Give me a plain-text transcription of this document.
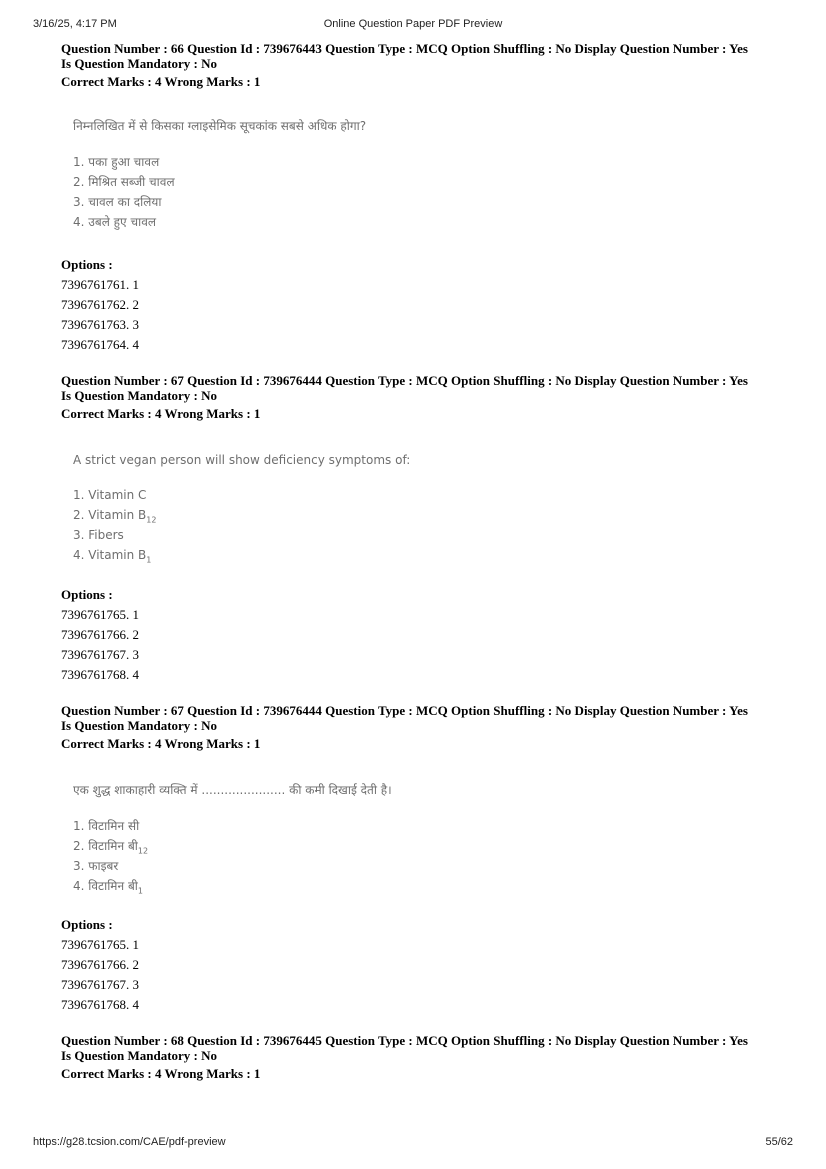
3/16/25, 4:17 PM	Online Question Paper PDF Preview
Question Number : 66 Question Id : 739676443 Question Type : MCQ Option Shuffling : No Display Question Number : Yes
Is Question Mandatory : No
Correct Marks : 4 Wrong Marks : 1
निम्नलिखित में से किसका ग्लाइसेमिक सूचकांक सबसे अधिक होगा?
1. पका हुआ चावल
2. मिश्रित सब्जी चावल
3. चावल का दलिया
4. उबले हुए चावल
Options :
7396761761. 1
7396761762. 2
7396761763. 3
7396761764. 4
Question Number : 67 Question Id : 739676444 Question Type : MCQ Option Shuffling : No Display Question Number : Yes
Is Question Mandatory : No
Correct Marks : 4 Wrong Marks : 1
A strict vegan person will show deficiency symptoms of:
1. Vitamin C
2. Vitamin $B_{12}$
3. Fibers
4. Vitamin $B_1$
Options :
7396761765. 1
7396761766. 2
7396761767. 3
7396761768. 4
Question Number : 67 Question Id : 739676444 Question Type : MCQ Option Shuffling : No Display Question Number : Yes
Is Question Mandatory : No
Correct Marks : 4 Wrong Marks : 1
एक शुद्ध शाकाहारी व्यक्ति में ...................... की कमी दिखाई देती है।
1. विटामिन सी
2. विटामिन $बी_{12}$
3. फाइबर
4. विटामिन $बी_1$
Options :
7396761765. 1
7396761766. 2
7396761767. 3
7396761768. 4
Question Number : 68 Question Id : 739676445 Question Type : MCQ Option Shuffling : No Display Question Number : Yes
Is Question Mandatory : No
Correct Marks : 4 Wrong Marks : 1
https://g28.tcsion.com/CAE/pdf-preview	55/62
